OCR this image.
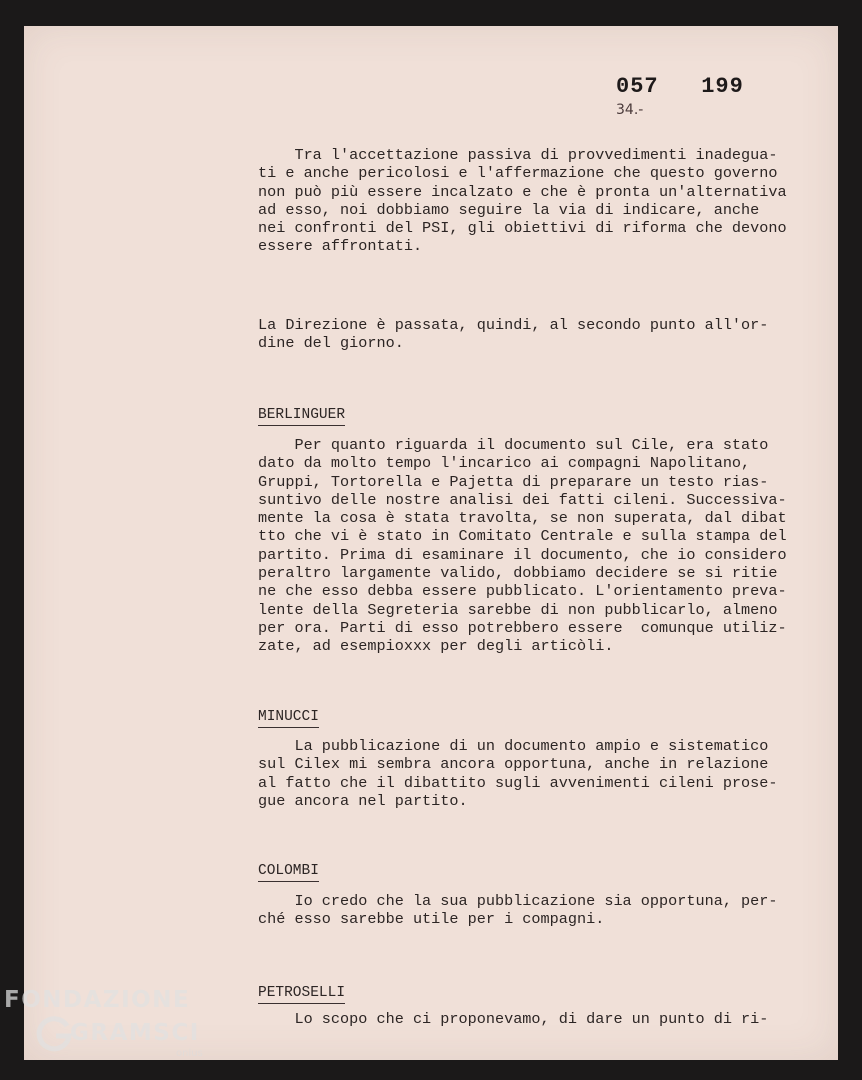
057   199
34.-

Tra l'accettazione passiva di provvedimenti inadegua-
ti e anche pericolosi e l'affermazione che questo governo
non può più essere incalzato e che è pronta un'alternativa
ad esso, noi dobbiamo seguire la via di indicare, anche
nei confronti del PSI, gli obiettivi di riforma che devono
essere affrontati.

La Direzione è passata, quindi, al secondo punto all'or-
dine del giorno.

BERLINGUER

Per quanto riguarda il documento sul Cile, era stato
dato da molto tempo l'incarico ai compagni Napolitano,
Gruppi, Tortorella e Pajetta di preparare un testo rias-
suntivo delle nostre analisi dei fatti cileni. Successiva-
mente la cosa è stata travolta, se non superata, dal dibat
tto che vi è stato in Comitato Centrale e sulla stampa del
partito. Prima di esaminare il documento, che io considero
peraltro largamente valido, dobbiamo decidere se si ritie
ne che esso debba essere pubblicato. L'orientamento preva-
lente della Segreteria sarebbe di non pubblicarlo, almeno
per ora. Parti di esso potrebbero essere  comunque utiliz-
zate, ad esempioxxx per degli articòli.

MINUCCI

La pubblicazione di un documento ampio e sistematico
sul Cilex mi sembra ancora opportuna, anche in relazione
al fatto che il dibattito sugli avvenimenti cileni prose-
gue ancora nel partito.

COLOMBI

Io credo che la sua pubblicazione sia opportuna, per-
ché esso sarebbe utile per i compagni.

PETROSELLI

Lo scopo che ci proponevamo, di dare un punto di ri-

FONDAZIONE
GRAMSCI
onlus
